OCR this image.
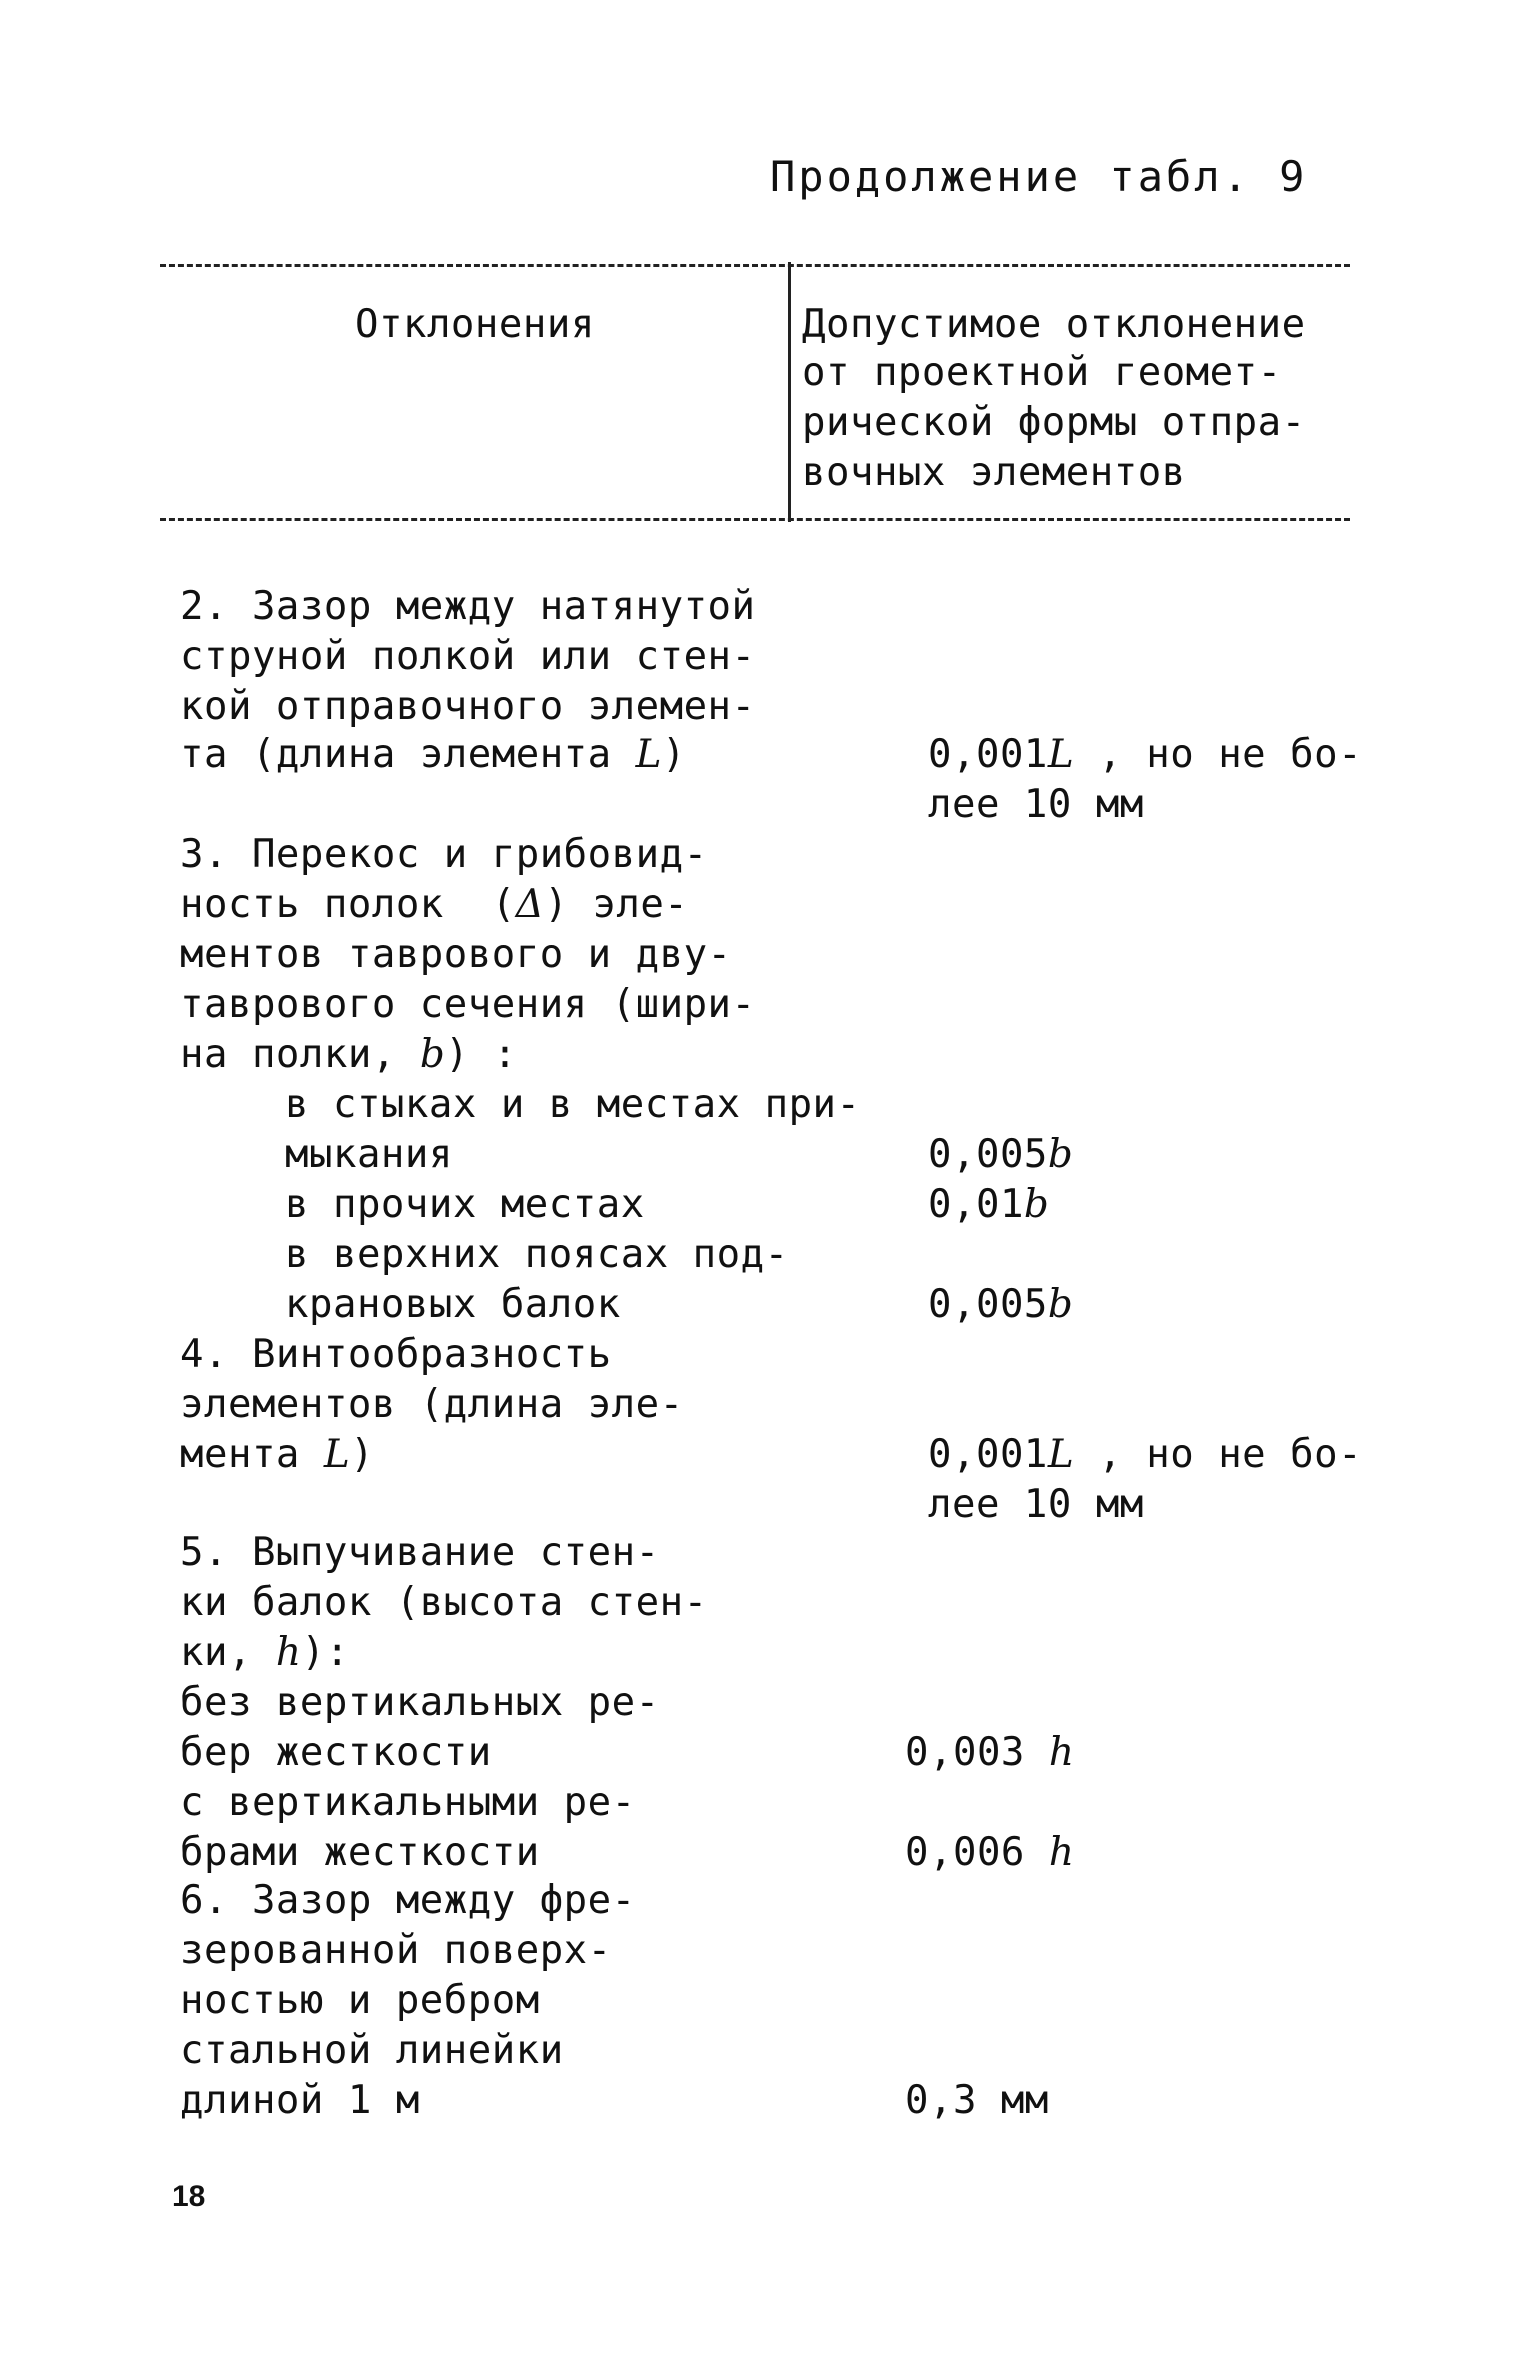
Продолжение табл. 9
Отклонения	Допустимое отклонение
от проектной геомет-
рической формы отпра-
вочных элементов
2. Зазор между натянутой
струной полкой или стен-
кой отправочного элемен-
та (длина элемента L)	0,001L , но не бо-
лее 10 мм
3. Перекос и грибовид-
ность полок  (Δ) эле-
ментов таврового и дву-
таврового сечения (шири-
на полки, b) :
в стыках и в местах при-
мыкания	0,005b
в прочих местах	0,01b
в верхних поясах под-
крановых балок	0,005b
4. Винтообразность
элементов (длина эле-
мента L)	0,001L , но не бо-
лее 10 мм
5. Выпучивание стен-
ки балок (высота стен-
ки, h):
без вертикальных ре-
бер жесткости	0,003 h
с вертикальными ре-
брами жесткости	0,006 h
6. Зазор между фре-
зерованной поверх-
ностью и ребром
стальной линейки
длиной 1 м	0,3 мм
18
